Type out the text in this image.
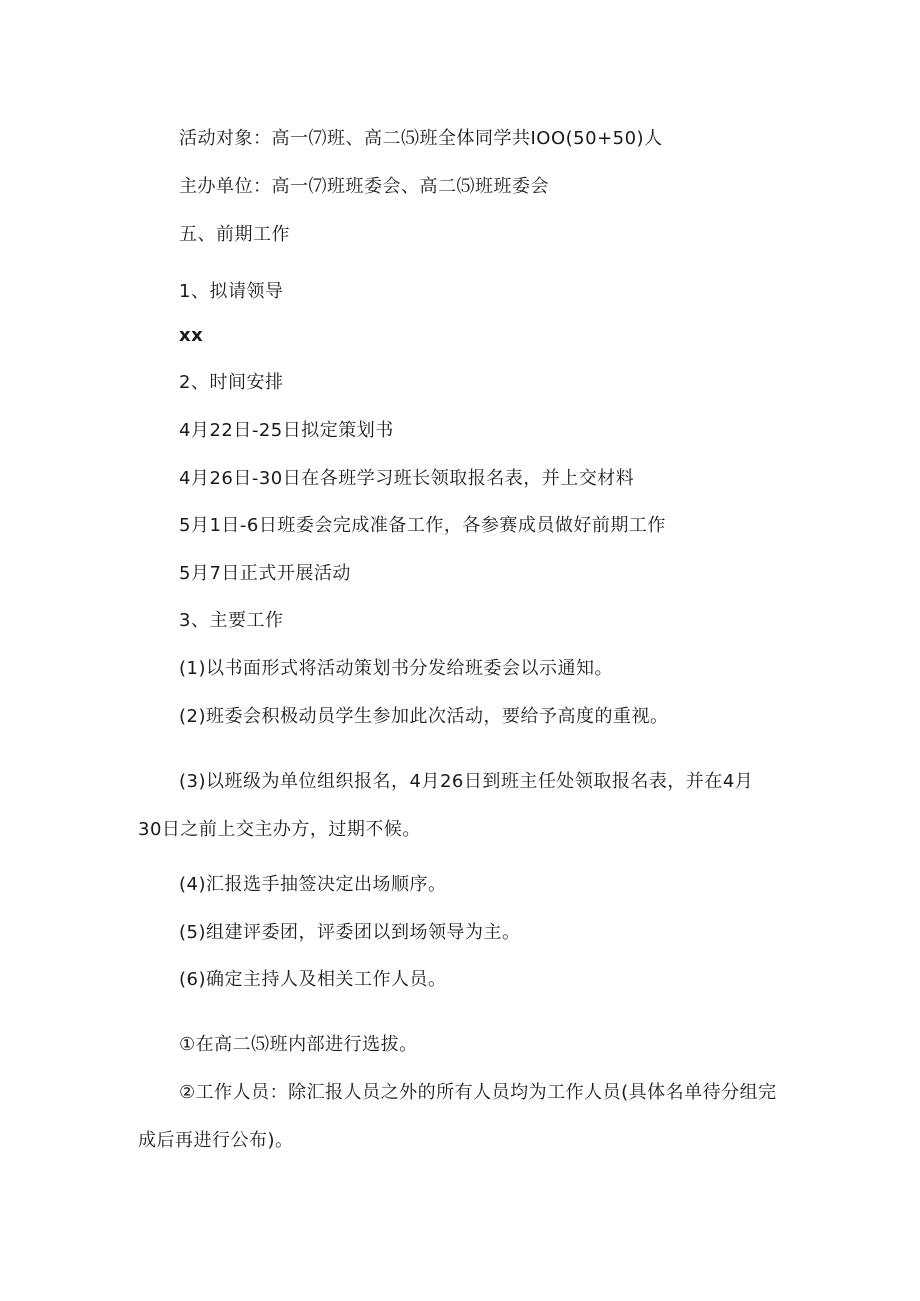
活动对象：高一⑺班、高二⑸班全体同学共IOO(50+50)人
主办单位：高一⑺班班委会、高二⑸班班委会
五、前期工作
1、拟请领导
xx
2、时间安排
4月22日-25日拟定策划书
4月26日-30日在各班学习班长领取报名表，并上交材料
5月1日-6日班委会完成准备工作，各参赛成员做好前期工作
5月7日正式开展活动
3、主要工作
(1)以书面形式将活动策划书分发给班委会以示通知。
(2)班委会积极动员学生参加此次活动，要给予高度的重视。
(3)以班级为单位组织报名，4月26日到班主任处领取报名表，并在4月
30日之前上交主办方，过期不候。
(4)汇报选手抽签决定出场顺序。
(5)组建评委团，评委团以到场领导为主。
(6)确定主持人及相关工作人员。
①在高二⑸班内部进行选拔。
②工作人员：除汇报人员之外的所有人员均为工作人员(具体名单待分组完
成后再进行公布)。
